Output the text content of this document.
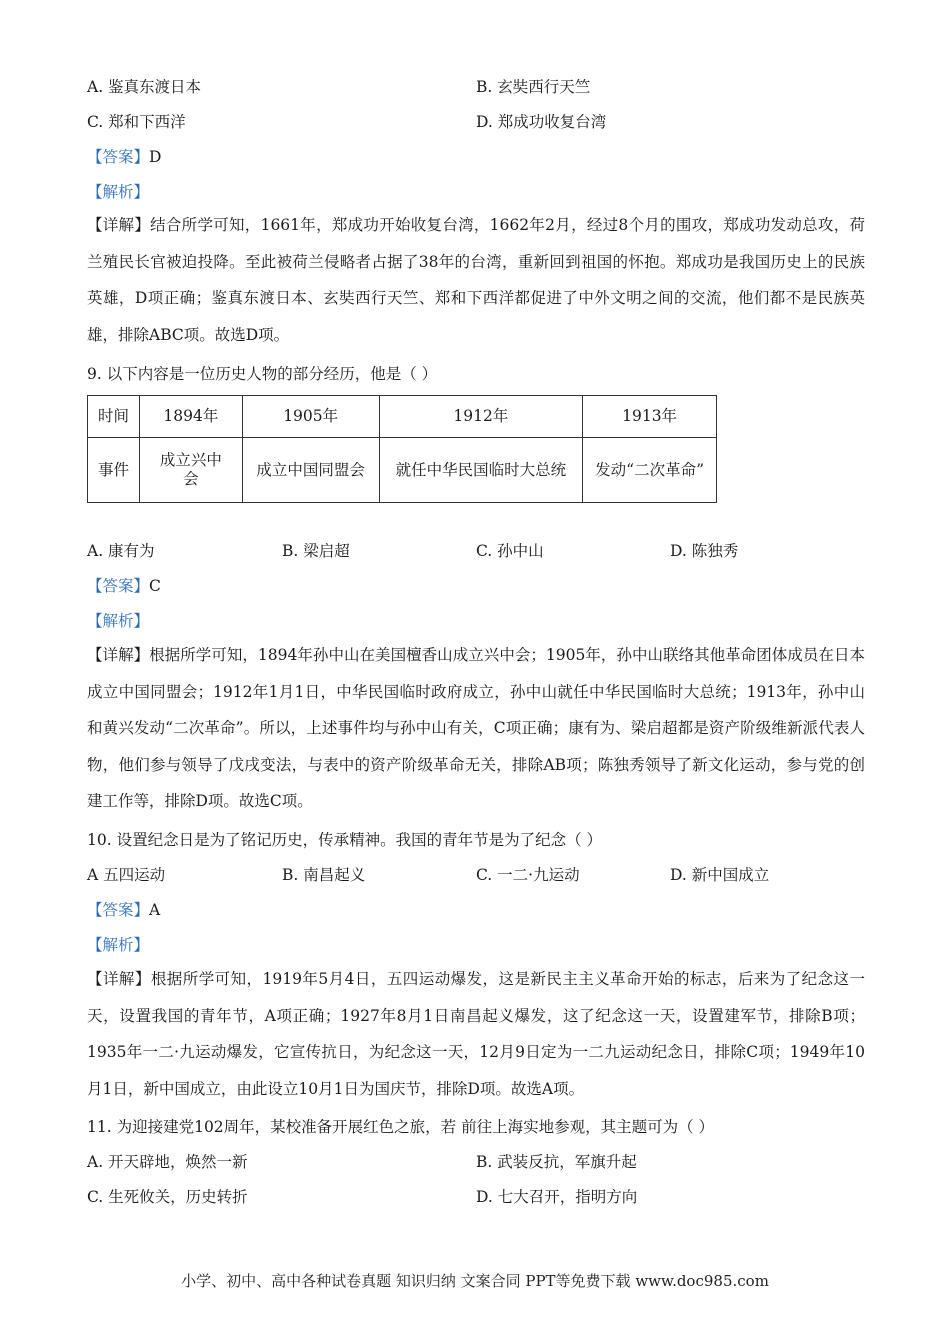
A. 鉴真东渡日本	B. 玄奘西行天竺
C. 郑和下西洋	D. 郑成功收复台湾
【答案】D
【解析】
【详解】结合所学可知，1661年，郑成功开始收复台湾，1662年2月，经过8个月的围攻，郑成功发动总攻，荷兰殖民长官被迫投降。至此被荷兰侵略者占据了38年的台湾，重新回到祖国的怀抱。郑成功是我国历史上的民族英雄，D项正确；鉴真东渡日本、玄奘西行天竺、郑和下西洋都促进了中外文明之间的交流，他们都不是民族英雄，排除ABC项。故选D项。
9. 以下内容是一位历史人物的部分经历，他是（ ）
时间	1894年	1905年	1912年	1913年
事件	成立兴中会	成立中国同盟会	就任中华民国临时大总统	发动“二次革命”
A. 康有为	B. 梁启超	C. 孙中山	D. 陈独秀
【答案】C
【解析】
【详解】根据所学可知，1894年孙中山在美国檀香山成立兴中会；1905年，孙中山联络其他革命团体成员在日本成立中国同盟会；1912年1月1日，中华民国临时政府成立，孙中山就任中华民国临时大总统；1913年，孙中山和黄兴发动“二次革命”。所以，上述事件均与孙中山有关，C项正确；康有为、梁启超都是资产阶级维新派代表人物，他们参与领导了戊戌变法，与表中的资产阶级革命无关，排除AB项；陈独秀领导了新文化运动，参与党的创建工作等，排除D项。故选C项。
10. 设置纪念日是为了铭记历史，传承精神。我国的青年节是为了纪念（ ）
A 五四运动	B. 南昌起义	C. 一二·九运动	D. 新中国成立
【答案】A
【解析】
【详解】根据所学可知，1919年5月4日，五四运动爆发，这是新民主主义革命开始的标志，后来为了纪念这一天，设置我国的青年节，A项正确；1927年8月1日南昌起义爆发，这了纪念这一天，设置建军节，排除B项；1935年一二·九运动爆发，它宣传抗日，为纪念这一天，12月9日定为一二九运动纪念日，排除C项；1949年10月1日，新中国成立，由此设立10月1日为国庆节，排除D项。故选A项。
11. 为迎接建党102周年，某校准备开展红色之旅，若 前往上海实地参观，其主题可为（ ）
A. 开天辟地，焕然一新	B. 武装反抗，军旗升起
C. 生死攸关，历史转折	D. 七大召开，指明方向
小学、初中、高中各种试卷真题 知识归纳 文案合同 PPT等免费下载 www.doc985.com
